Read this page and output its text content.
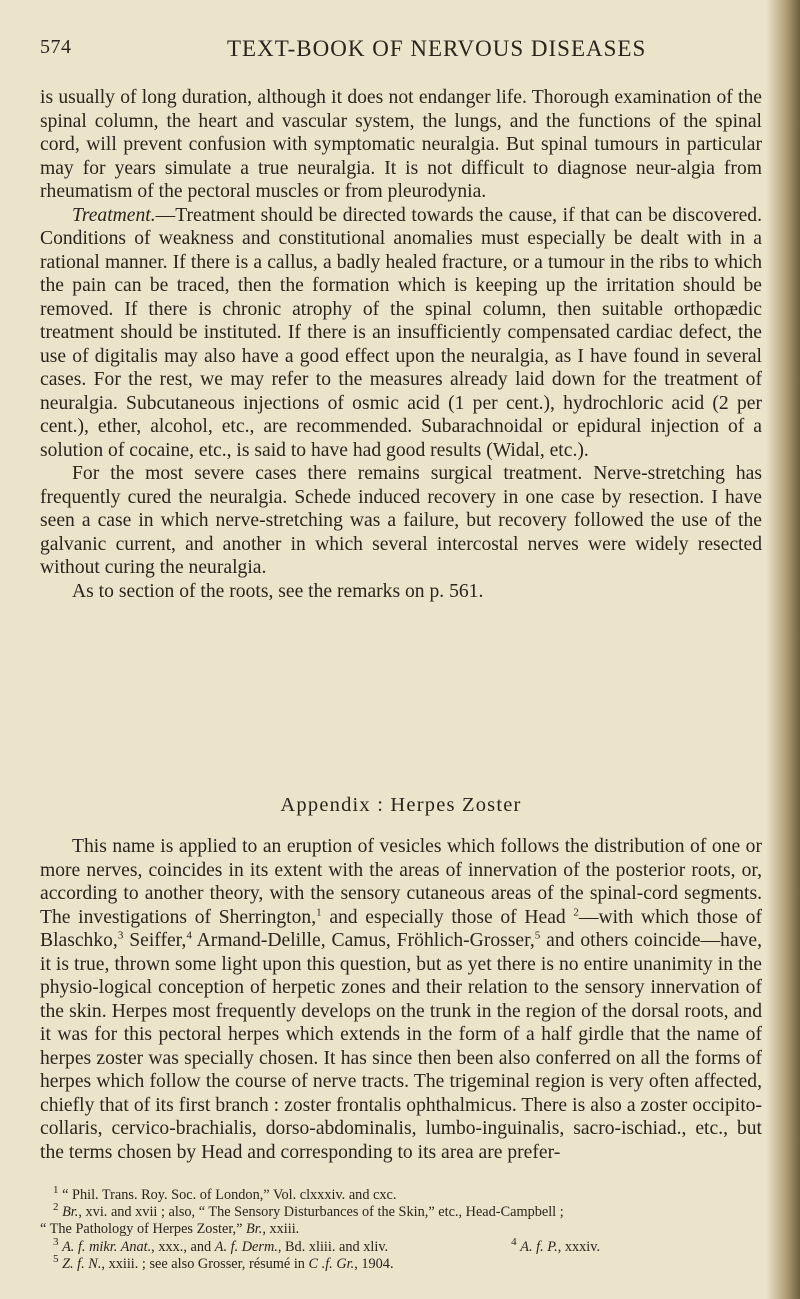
574	TEXT-BOOK OF NERVOUS DISEASES

is usually of long duration, although it does not endanger life. Thorough examination of the spinal column, the heart and vascular system, the lungs, and the functions of the spinal cord, will prevent confusion with symptomatic neuralgia. But spinal tumours in particular may for years simulate a true neuralgia. It is not difficult to diagnose neur-algia from rheumatism of the pectoral muscles or from pleurodynia.

Treatment.—Treatment should be directed towards the cause, if that can be discovered. Conditions of weakness and constitutional anomalies must especially be dealt with in a rational manner. If there is a callus, a badly healed fracture, or a tumour in the ribs to which the pain can be traced, then the formation which is keeping up the irritation should be removed. If there is chronic atrophy of the spinal column, then suitable orthopædic treatment should be instituted. If there is an insufficiently compensated cardiac defect, the use of digitalis may also have a good effect upon the neuralgia, as I have found in several cases. For the rest, we may refer to the measures already laid down for the treatment of neuralgia. Subcutaneous injections of osmic acid (1 per cent.), hydrochloric acid (2 per cent.), ether, alcohol, etc., are recommended. Subarachnoidal or epidural injection of a solution of cocaine, etc., is said to have had good results (Widal, etc.).

For the most severe cases there remains surgical treatment. Nerve-stretching has frequently cured the neuralgia. Schede induced recovery in one case by resection. I have seen a case in which nerve-stretching was a failure, but recovery followed the use of the galvanic current, and another in which several intercostal nerves were widely resected without curing the neuralgia.

As to section of the roots, see the remarks on p. 561.

Appendix : Herpes Zoster

This name is applied to an eruption of vesicles which follows the distribution of one or more nerves, coincides in its extent with the areas of innervation of the posterior roots, or, according to another theory, with the sensory cutaneous areas of the spinal-cord segments. The investigations of Sherrington,$^1$ and especially those of Head $^2$—with which those of Blaschko,$^3$ Seiffer,$^4$ Armand-Delille, Camus, Fröhlich-Grosser,$^5$ and others coincide—have, it is true, thrown some light upon this question, but as yet there is no entire unanimity in the physio-logical conception of herpetic zones and their relation to the sensory innervation of the skin. Herpes most frequently develops on the trunk in the region of the dorsal roots, and it was for this pectoral herpes which extends in the form of a half girdle that the name of herpes zoster was specially chosen. It has since then been also conferred on all the forms of herpes which follow the course of nerve tracts. The trigeminal region is very often affected, chiefly that of its first branch : zoster frontalis ophthalmicus. There is also a zoster occipito-collaris, cervico-brachialis, dorso-abdominalis, lumbo-inguinalis, sacro-ischiad., etc., but the terms chosen by Head and corresponding to its area are prefer-

$^1$ “ Phil. Trans. Roy. Soc. of London,” Vol. clxxxiv. and cxc.

$^2$ Br., xvi. and xvii ; also, “ The Sensory Disturbances of the Skin,” etc., Head-Campbell ;

“ The Pathology of Herpes Zoster,” Br., xxiii.

$^3$ A. f. mikr. Anat., xxx., and A. f. Derm., Bd. xliii. and xliv.	$^4$ A. f. P., xxxiv.

$^5$ Z. f. N., xxiii. ; see also Grosser, résumé in C .f. Gr., 1904.
